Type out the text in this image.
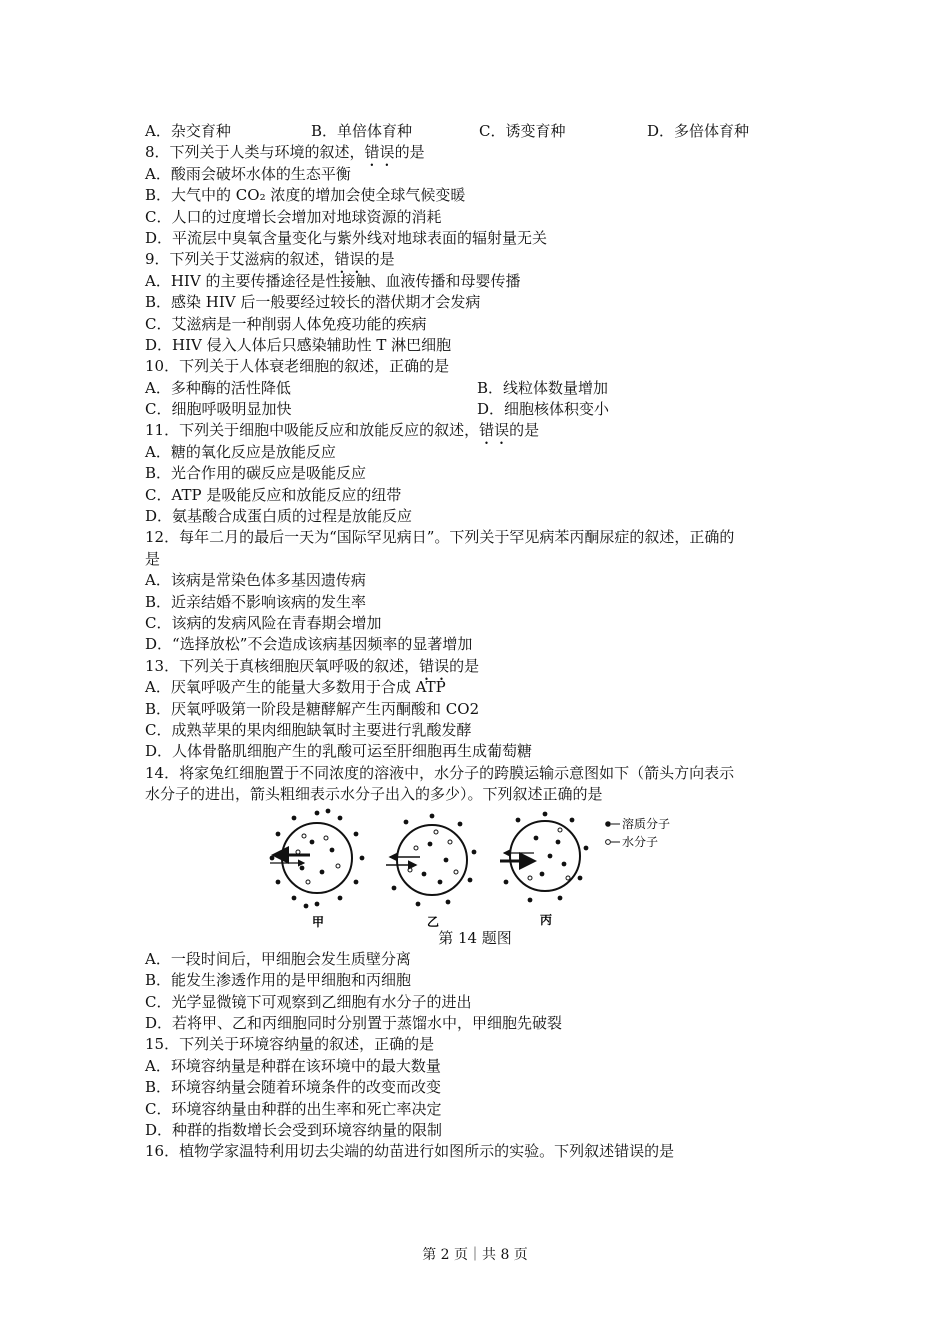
A．杂交育种	B．单倍体育种	C．诱变育种	D．多倍体育种
8．下列关于人类与环境的叙述，错误的是
A．酸雨会破坏水体的生态平衡
B．大气中的 CO₂ 浓度的增加会使全球气候变暖
C．人口的过度增长会增加对地球资源的消耗
D．平流层中臭氧含量变化与紫外线对地球表面的辐射量无关
9．下列关于艾滋病的叙述，错误的是
A．HIV 的主要传播途径是性接触、血液传播和母婴传播
B．感染 HIV 后一般要经过较长的潜伏期才会发病
C．艾滋病是一种削弱人体免疫功能的疾病
D．HIV 侵入人体后只感染辅助性 T 淋巴细胞
10．下列关于人体衰老细胞的叙述，正确的是
A．多种酶的活性降低	B．线粒体数量增加
C．细胞呼吸明显加快	D．细胞核体积变小
11．下列关于细胞中吸能反应和放能反应的叙述，错误的是
A．糖的氧化反应是放能反应
B．光合作用的碳反应是吸能反应
C．ATP 是吸能反应和放能反应的纽带
D．氨基酸合成蛋白质的过程是放能反应
12．每年二月的最后一天为“国际罕见病日”。下列关于罕见病苯丙酮尿症的叙述，正确的
是
A．该病是常染色体多基因遗传病
B．近亲结婚不影响该病的发生率
C．该病的发病风险在青春期会增加
D．“选择放松”不会造成该病基因频率的显著增加
13．下列关于真核细胞厌氧呼吸的叙述，错误的是
A．厌氧呼吸产生的能量大多数用于合成 ATP
B．厌氧呼吸第一阶段是糖酵解产生丙酮酸和 CO2
C．成熟苹果的果肉细胞缺氧时主要进行乳酸发酵
D．人体骨骼肌细胞产生的乳酸可运至肝细胞再生成葡萄糖
14．将家兔红细胞置于不同浓度的溶液中，水分子的跨膜运输示意图如下（箭头方向表示
水分子的进出，箭头粗细表示水分子出入的多少）。下列叙述正确的是
溶质分子
水分子
甲	乙	丙
第 14 题图
A．一段时间后，甲细胞会发生质壁分离
B．能发生渗透作用的是甲细胞和丙细胞
C．光学显微镜下可观察到乙细胞有水分子的进出
D．若将甲、乙和丙细胞同时分别置于蒸馏水中，甲细胞先破裂
15．下列关于环境容纳量的叙述，正确的是
A．环境容纳量是种群在该环境中的最大数量
B．环境容纳量会随着环境条件的改变而改变
C．环境容纳量由种群的出生率和死亡率决定
D．种群的指数增长会受到环境容纳量的限制
16．植物学家温特利用切去尖端的幼苗进行如图所示的实验。下列叙述错误的是
第 2 页｜共 8 页
